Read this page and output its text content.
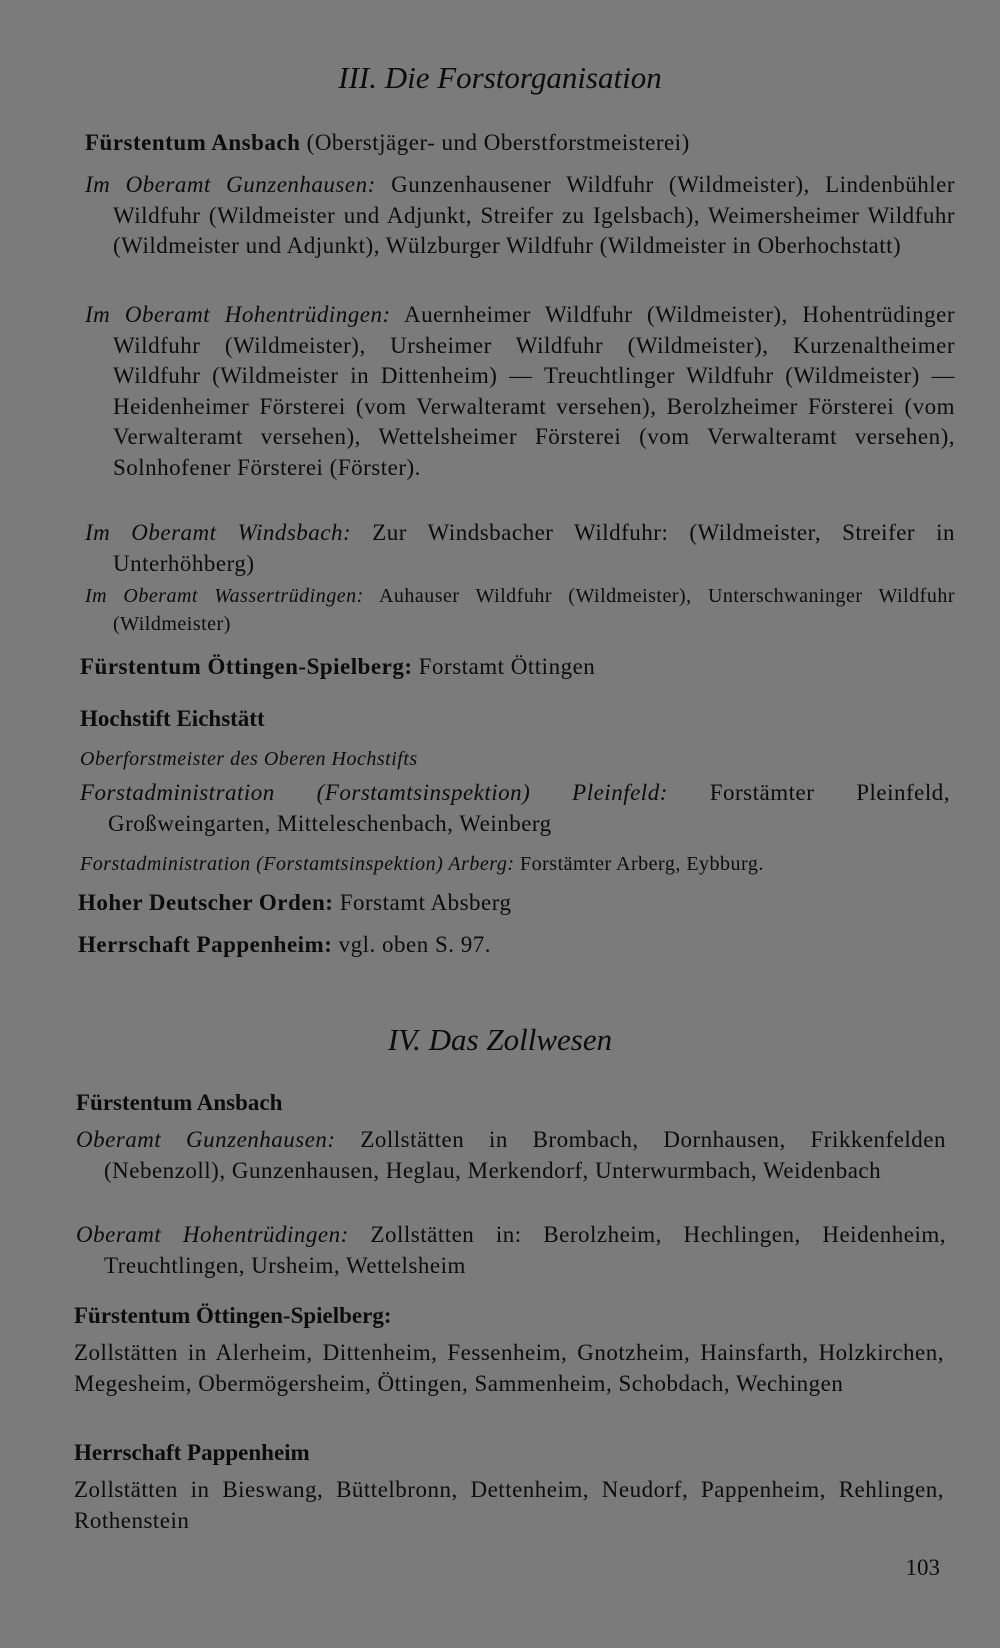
III. Die Forstorganisation
Fürstentum Ansbach (Oberstjäger- und Oberstforstmeisterei)
Im Oberamt Gunzenhausen: Gunzenhausener Wildfuhr (Wildmeister), Lindenbühler Wildfuhr (Wildmeister und Adjunkt, Streifer zu Igelsbach), Weimersheimer Wildfuhr (Wildmeister und Adjunkt), Wülzburger Wildfuhr (Wildmeister in Oberhochstatt)
Im Oberamt Hohentrüdingen: Auernheimer Wildfuhr (Wildmeister), Hohentrüdinger Wildfuhr (Wildmeister), Ursheimer Wildfuhr (Wildmeister), Kurzenaltheimer Wildfuhr (Wildmeister in Dittenheim) — Treuchtlinger Wildfuhr (Wildmeister) — Heidenheimer Försterei (vom Verwalteramt versehen), Berolzheimer Försterei (vom Verwalteramt versehen), Wettelsheimer Försterei (vom Verwalteramt versehen), Solnhofener Försterei (Förster).
Im Oberamt Windsbach: Zur Windsbacher Wildfuhr: (Wildmeister, Streifer in Unterhöhberg)
Im Oberamt Wassertrüdingen: Auhauser Wildfuhr (Wildmeister), Unterschwaninger Wildfuhr (Wildmeister)
Fürstentum Öttingen-Spielberg: Forstamt Öttingen
Hochstift Eichstätt
Oberforstmeister des Oberen Hochstifts
Forstadministration (Forstamtsinspektion) Pleinfeld: Forstämter Pleinfeld, Großweingarten, Mitteleschenbach, Weinberg
Forstadministration (Forstamtsinspektion) Arberg: Forstämter Arberg, Eybburg.
Hoher Deutscher Orden: Forstamt Absberg
Herrschaft Pappenheim: vgl. oben S. 97.
IV. Das Zollwesen
Fürstentum Ansbach
Oberamt Gunzenhausen: Zollstätten in Brombach, Dornhausen, Frikkenfelden (Nebenzoll), Gunzenhausen, Heglau, Merkendorf, Unterwurmbach, Weidenbach
Oberamt Hohentrüdingen: Zollstätten in: Berolzheim, Hechlingen, Heidenheim, Treuchtlingen, Ursheim, Wettelsheim
Fürstentum Öttingen-Spielberg:
Zollstätten in Alerheim, Dittenheim, Fessenheim, Gnotzheim, Hainsfarth, Holzkirchen, Megesheim, Obermögersheim, Öttingen, Sammenheim, Schobdach, Wechingen
Herrschaft Pappenheim
Zollstätten in Bieswang, Büttelbronn, Dettenheim, Neudorf, Pappenheim, Rehlingen, Rothenstein
103
